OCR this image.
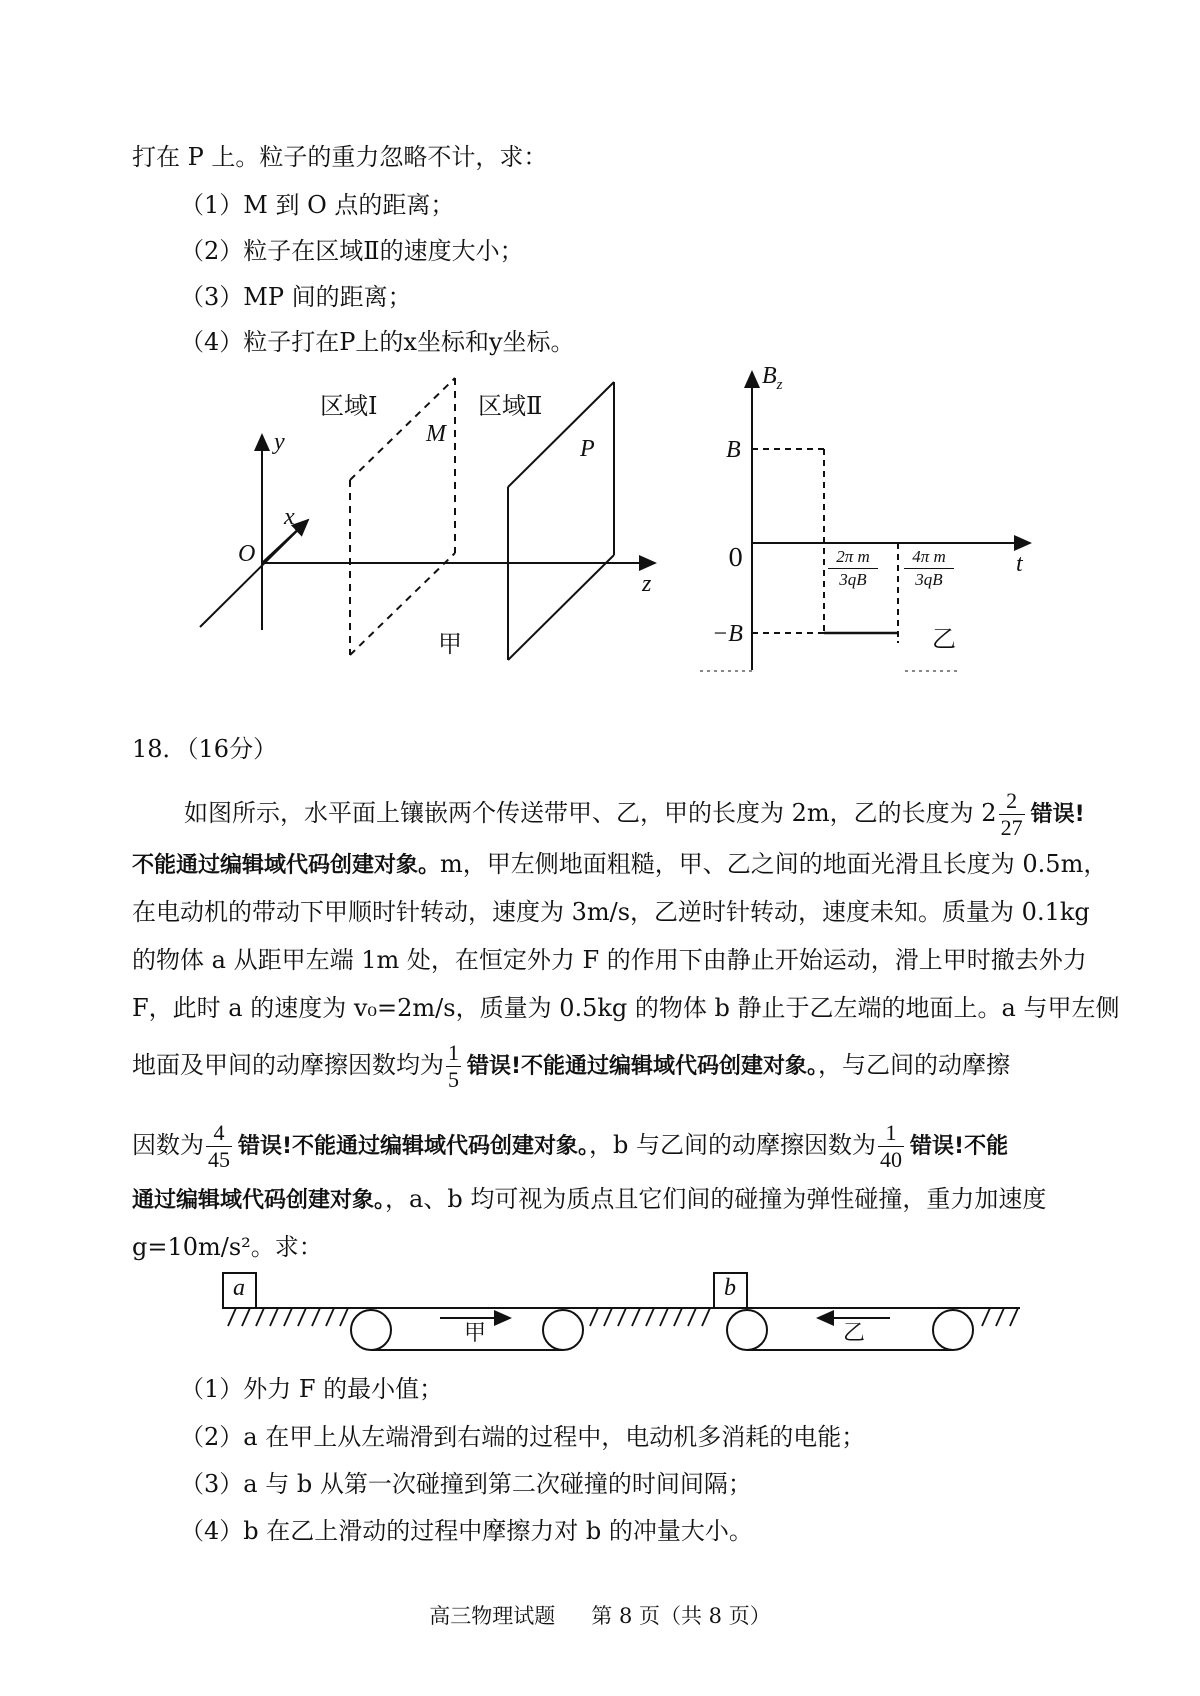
打在 P 上。粒子的重力忽略不计，求：
（1）M 到 O 点的距离；
（2）粒子在区域Ⅱ的速度大小；
（3）MP 间的距离；
（4）粒子打在P上的x坐标和y坐标。
区域Ⅰ	区域Ⅱ
M
P
y
x
z
O
甲
$B_z$
B
0	t
−B
2π m
3qB
4π m
3qB
乙
18．（16分）
如图所示，水平面上镶嵌两个传送带甲、乙，甲的长度为 2m，乙的长度为 $2 \frac{2}{27}$ 错误!
不能通过编辑域代码创建对象。m，甲左侧地面粗糙，甲、乙之间的地面光滑且长度为 0.5m，
在电动机的带动下甲顺时针转动，速度为 3m/s，乙逆时针转动，速度未知。质量为 0.1kg
的物体 a 从距甲左端 1m 处，在恒定外力 F 的作用下由静止开始运动，滑上甲时撤去外力
F，此时 a 的速度为 v₀=2m/s，质量为 0.5kg 的物体 b 静止于乙左端的地面上。a 与甲左侧
地面及甲间的动摩擦因数均为 $\frac{1}{5}$ 错误!不能通过编辑域代码创建对象。，与乙间的动摩擦
因数为 $\frac{4}{45}$ 错误!不能通过编辑域代码创建对象。，b 与乙间的动摩擦因数为 $\frac{1}{40}$ 错误!不能
通过编辑域代码创建对象。，a、b 均可视为质点且它们间的碰撞为弹性碰撞，重力加速度
g=10m/s²。求：
a	b
甲	乙
（1）外力 F 的最小值；
（2）a 在甲上从左端滑到右端的过程中，电动机多消耗的电能；
（3）a 与 b 从第一次碰撞到第二次碰撞的时间间隔；
（4）b 在乙上滑动的过程中摩擦力对 b 的冲量大小。
高三物理试题 第 8 页（共 8 页）
